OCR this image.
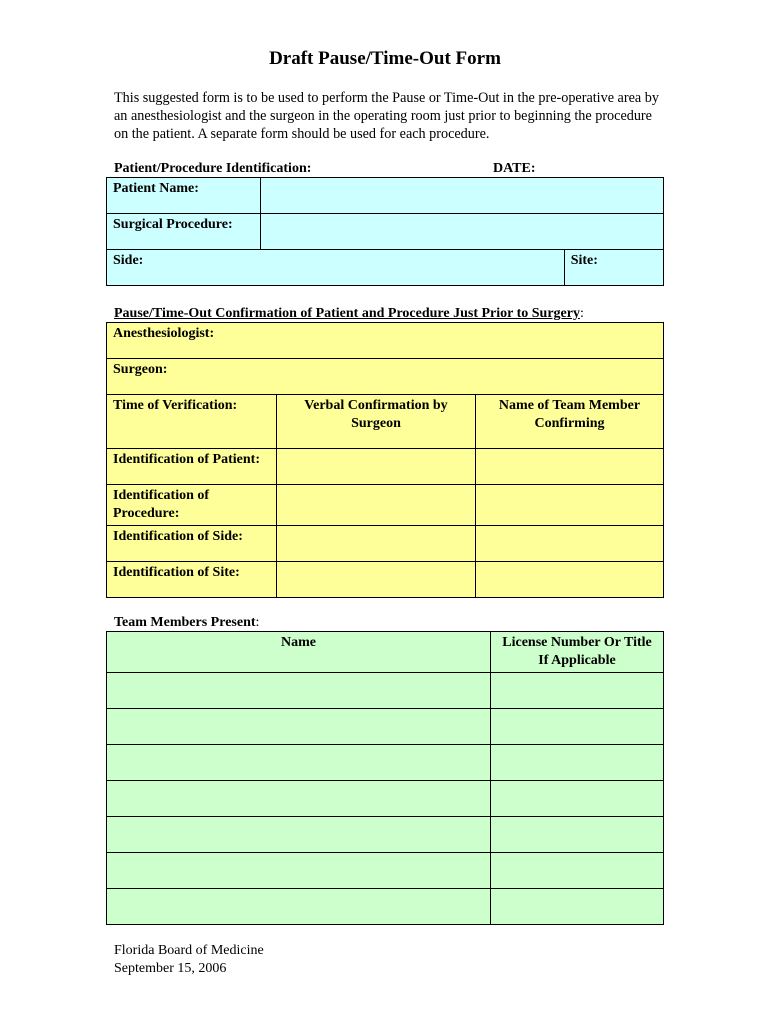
Draft Pause/Time-Out Form
This suggested form is to be used to perform the Pause or Time-Out in the pre-operative area by an anesthesiologist and the surgeon in the operating room just prior to beginning the procedure on the patient. A separate form should be used for each procedure.
Patient/Procedure Identification:	DATE:
Patient Name:		
Surgical Procedure:		
Side:		Site:
Pause/Time-Out Confirmation of Patient and Procedure Just Prior to Surgery:
Anesthesiologist:		
Surgeon:		
Time of Verification:	Verbal Confirmation by Surgeon	Name of Team Member Confirming
Identification of Patient:		
Identification of Procedure:		
Identification of Side:		
Identification of Site:		
Team Members Present:
Name	License Number Or Title If Applicable

Florida Board of Medicine
September 15, 2006
